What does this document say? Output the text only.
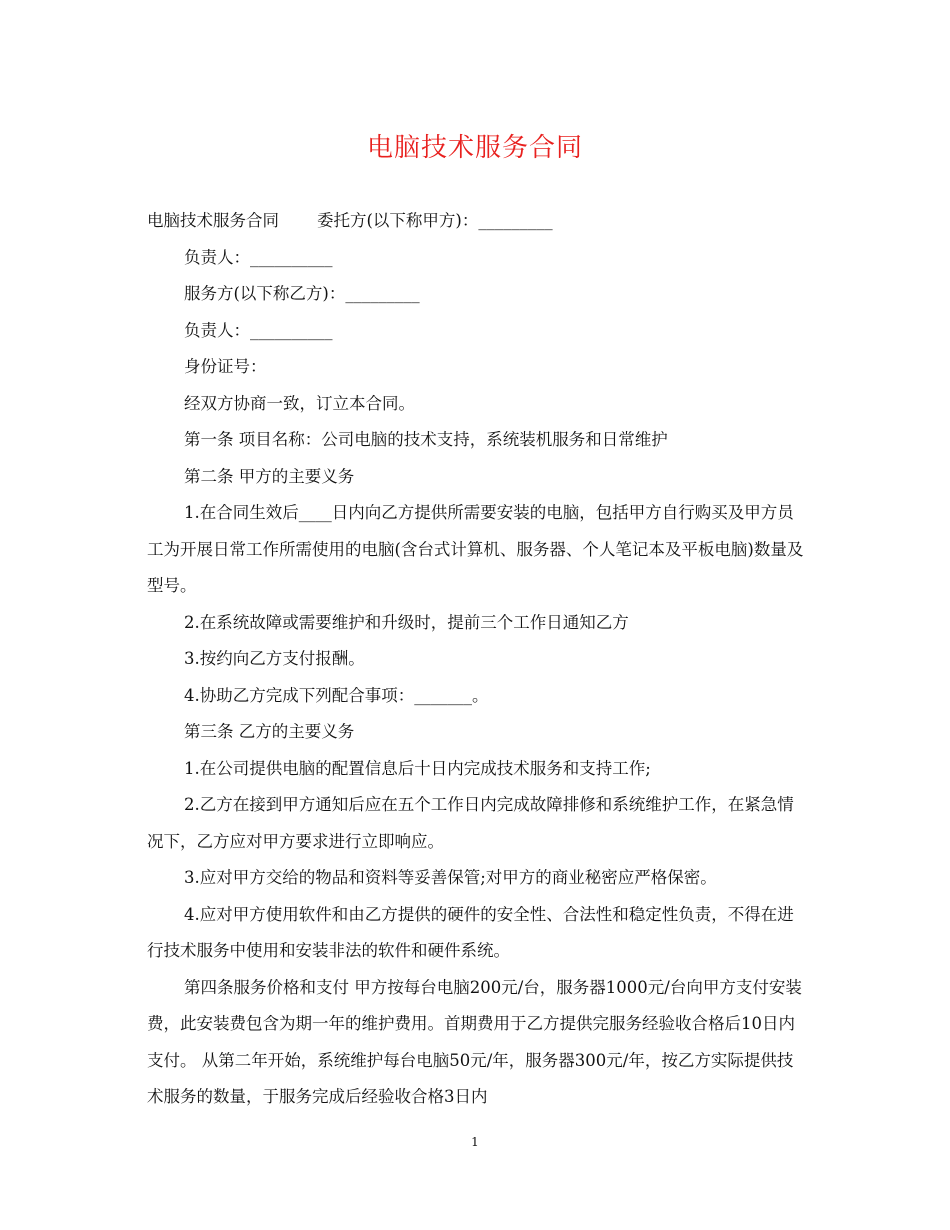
电脑技术服务合同

电脑技术服务合同 委托方(以下称甲方)：_________

负责人：__________

服务方(以下称乙方)：_________

负责人：__________

身份证号：

经双方协商一致，订立本合同。

第一条 项目名称：公司电脑的技术支持，系统装机服务和日常维护

第二条 甲方的主要义务

1.在合同生效后____日内向乙方提供所需要安装的电脑，包括甲方自行购买及甲方员工为开展日常工作所需使用的电脑(含台式计算机、服务器、个人笔记本及平板电脑)数量及型号。

2.在系统故障或需要维护和升级时，提前三个工作日通知乙方

3.按约向乙方支付报酬。

4.协助乙方完成下列配合事项：_______。

第三条 乙方的主要义务

1.在公司提供电脑的配置信息后十日内完成技术服务和支持工作;

2.乙方在接到甲方通知后应在五个工作日内完成故障排修和系统维护工作，在紧急情况下，乙方应对甲方要求进行立即响应。

3.应对甲方交给的物品和资料等妥善保管;对甲方的商业秘密应严格保密。

4.应对甲方使用软件和由乙方提供的硬件的安全性、合法性和稳定性负责，不得在进行技术服务中使用和安装非法的软件和硬件系统。

第四条服务价格和支付 甲方按每台电脑200元/台，服务器1000元/台向甲方支付安装费，此安装费包含为期一年的维护费用。首期费用于乙方提供完服务经验收合格后10日内支付。 从第二年开始，系统维护每台电脑50元/年，服务器300元/年，按乙方实际提供技术服务的数量，于服务完成后经验收合格3日内

1
